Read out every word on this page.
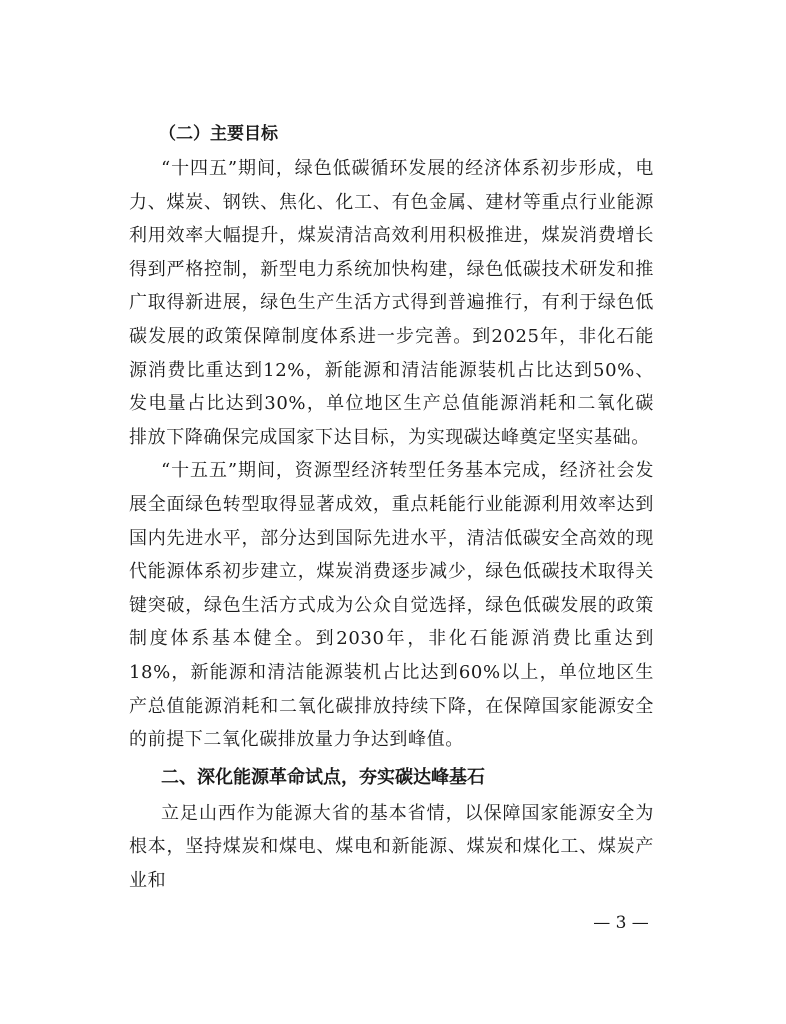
（二）主要目标

“十四五”期间，绿色低碳循环发展的经济体系初步形成，电力、煤炭、钢铁、焦化、化工、有色金属、建材等重点行业能源利用效率大幅提升，煤炭清洁高效利用积极推进，煤炭消费增长得到严格控制，新型电力系统加快构建，绿色低碳技术研发和推广取得新进展，绿色生产生活方式得到普遍推行，有利于绿色低碳发展的政策保障制度体系进一步完善。到2025年，非化石能源消费比重达到12%，新能源和清洁能源装机占比达到50%、发电量占比达到30%，单位地区生产总值能源消耗和二氧化碳排放下降确保完成国家下达目标，为实现碳达峰奠定坚实基础。

“十五五”期间，资源型经济转型任务基本完成，经济社会发展全面绿色转型取得显著成效，重点耗能行业能源利用效率达到国内先进水平，部分达到国际先进水平，清洁低碳安全高效的现代能源体系初步建立，煤炭消费逐步减少，绿色低碳技术取得关键突破，绿色生活方式成为公众自觉选择，绿色低碳发展的政策制度体系基本健全。到2030年，非化石能源消费比重达到18%，新能源和清洁能源装机占比达到60%以上，单位地区生产总值能源消耗和二氧化碳排放持续下降，在保障国家能源安全的前提下二氧化碳排放量力争达到峰值。

二、深化能源革命试点，夯实碳达峰基石

立足山西作为能源大省的基本省情，以保障国家能源安全为根本，坚持煤炭和煤电、煤电和新能源、煤炭和煤化工、煤炭产业和

— 3 —
